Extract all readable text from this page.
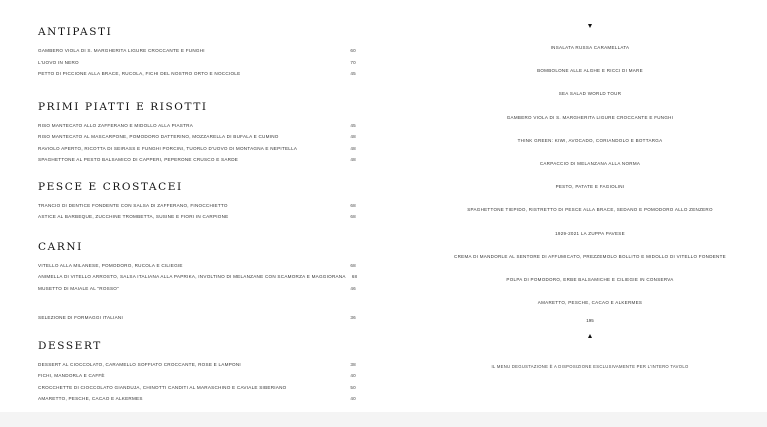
ANTIPASTI
GAMBERO VIOLA DI S. MARGHERITA LIGURE CROCCANTE E FUNGHI	60
L'UOVO IN NERO	70
PETTO DI PICCIONE ALLA BRACE, RUCOLA, FICHI DEL NOSTRO ORTO E NOCCIOLE	45
PRIMI PIATTI E RISOTTI
RISO MANTECATO ALLO ZAFFERANO E MIDOLLO ALLA PIASTRA	45
RISO MANTECATO AL MASCARPONE, POMODORO DATTERINO, MOZZARELLA DI BUFALA E CUMINO	48
RAVIOLO APERTO, RICOTTA DI SEIRASS E FUNGHI PORCINI, TUORLO D'UOVO DI MONTAGNA E NEPITELLA	48
SPAGHETTONE AL PESTO BALSAMICO DI CAPPERI, PEPERONE CRUSCO E SARDE	48
PESCE E CROSTACEI
TRANCIO DI DENTICE FONDENTE CON SALSA DI ZAFFERANO, FINOCCHIETTO	68
ASTICE AL BARBEQUE, ZUCCHINE TROMBETTA, SUSINE E FIORI IN CARPIONE	68
CARNI
VITELLO ALLA MILANESE, POMODORO, RUCOLA E CILIEGIE	68
ANIMELLA DI VITELLO ARROSTO, SALSA ITALIANA ALLA PAPRIKA, INVOLTINO DI MELANZANE CON SCAMORZA E MAGGIORANA	68
MUSETTO DI MAIALE AL "ROSSO"	46
SELEZIONE DI FORMAGGI ITALIANI	36
DESSERT
DESSERT AL CIOCCOLATO, CARAMELLO SOFFIATO CROCCANTE, ROSE E LAMPONI	38
FICHI, MANDORLA E CAFFÈ	40
CROCCHETTE DI CIOCCOLATO GIANDUJA, CHINOTTI CANDITI AL MARASCHINO E CAVIALE SIBERIANO	50
AMARETTO, PESCHE, CACAO E ALKERMES	40
INSALATA RUSSA CARAMELLATA
BOMBOLONE ALLE ALGHE E RICCI DI MARE
SEA SALAD WORLD TOUR
GAMBERO VIOLA DI S. MARGHERITA LIGURE CROCCANTE E FUNGHI
THINK GREEN: KIWI, AVOCADO, CORIANDOLO E BOTTARGA
CARPACCIO DI MELANZANA ALLA NORMA
PESTO, PATATE E FAGIOLINI
SPAGHETTONE TIEPIDO, RISTRETTO DI PESCE ALLA BRACE, SEDANO E POMODORO ALLO ZENZERO
1929-2021 LA ZUPPA PAVESE
CREMA DI MANDORLE AL SENTORE DI AFFUMICATO, PREZZEMOLO BOLLITO E MIDOLLO DI VITELLO FONDENTE
POLPA DI POMODORO, ERBE BALSAMICHE E CILIEGIE IN CONSERVA
AMARETTO, PESCHE, CACAO E ALKERMES
195
IL MENU DEGUSTAZIONE È A DISPOSIZIONE ESCLUSIVAMENTE PER L'INTERO TAVOLO
